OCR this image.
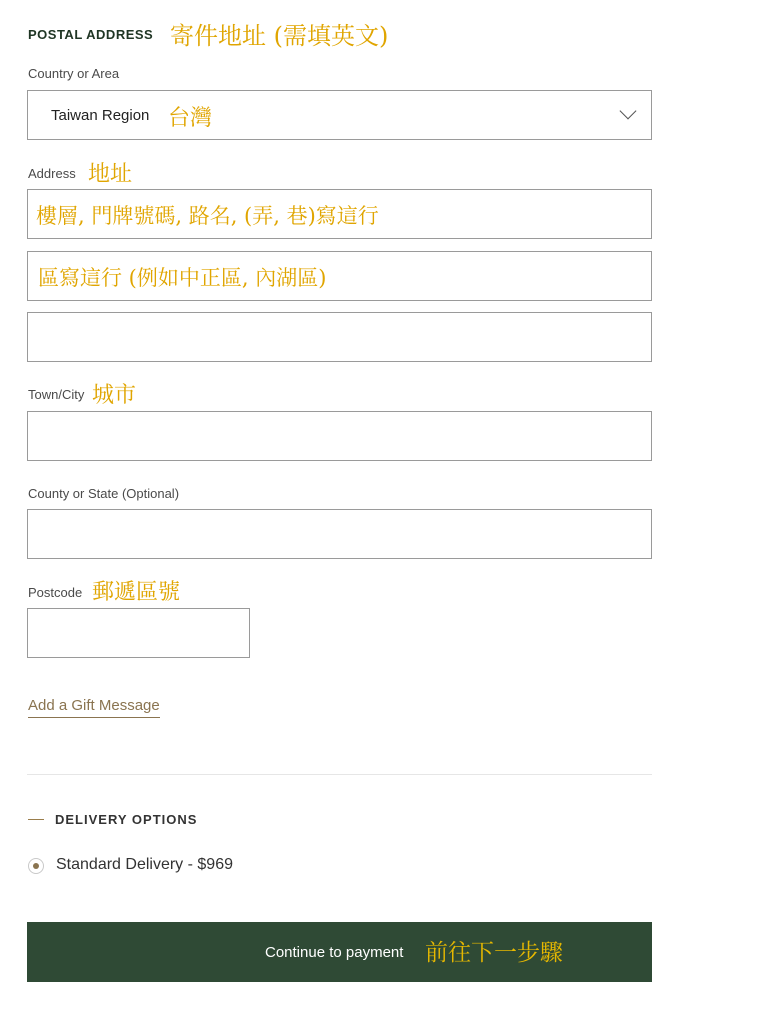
POSTAL ADDRESS 寄件地址 (需填英文)
Country or Area
Taiwan Region 台灣
Address 地址
樓層, 門牌號碼, 路名, (弄, 巷)寫這行
區寫這行 (例如中正區, 內湖區)
Town/City 城市
County or State (Optional)
Postcode 郵遞區號
Add a Gift Message
DELIVERY OPTIONS
Standard Delivery - $969
Continue to payment 前往下一步驟
